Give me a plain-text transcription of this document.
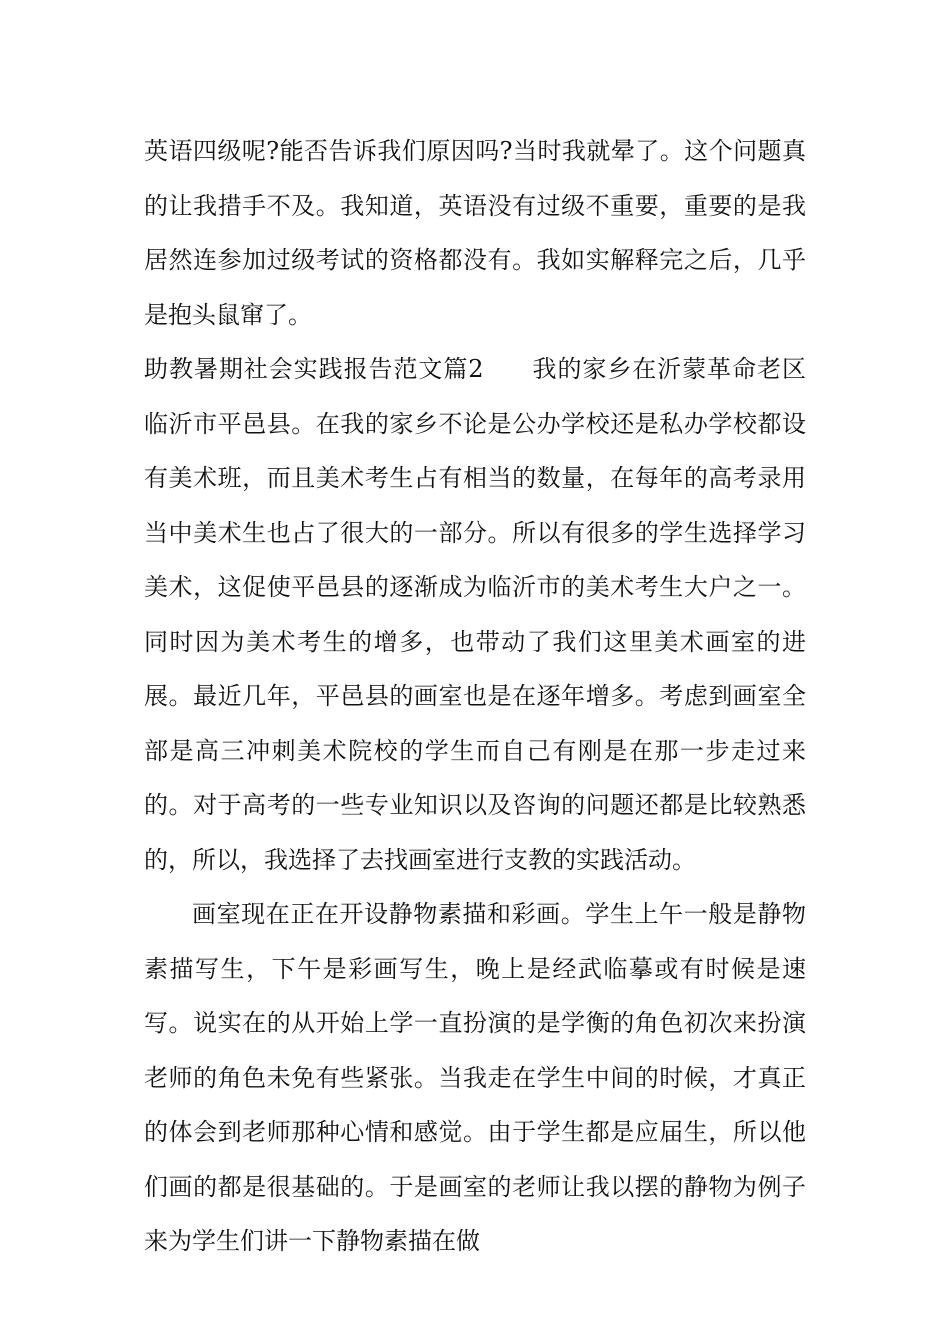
英语四级呢?能否告诉我们原因吗?当时我就晕了。这个问题真的让我措手不及。我知道，英语没有过级不重要，重要的是我居然连参加过级考试的资格都没有。我如实解释完之后，几乎是抱头鼠窜了。

助教暑期社会实践报告范文篇2 我的家乡在沂蒙革命老区临沂市平邑县。在我的家乡不论是公办学校还是私办学校都设有美术班，而且美术考生占有相当的数量，在每年的高考录用当中美术生也占了很大的一部分。所以有很多的学生选择学习美术，这促使平邑县的逐渐成为临沂市的美术考生大户之一。同时因为美术考生的增多，也带动了我们这里美术画室的进展。最近几年，平邑县的画室也是在逐年增多。考虑到画室全部是高三冲刺美术院校的学生而自己有刚是在那一步走过来的。对于高考的一些专业知识以及咨询的问题还都是比较熟悉的，所以，我选择了去找画室进行支教的实践活动。

画室现在正在开设静物素描和彩画。学生上午一般是静物素描写生，下午是彩画写生，晚上是经武临摹或有时候是速写。说实在的从开始上学一直扮演的是学衡的角色初次来扮演老师的角色未免有些紧张。当我走在学生中间的时候，才真正的体会到老师那种心情和感觉。由于学生都是应届生，所以他们画的都是很基础的。于是画室的老师让我以摆的静物为例子来为学生们讲一下静物素描在做
